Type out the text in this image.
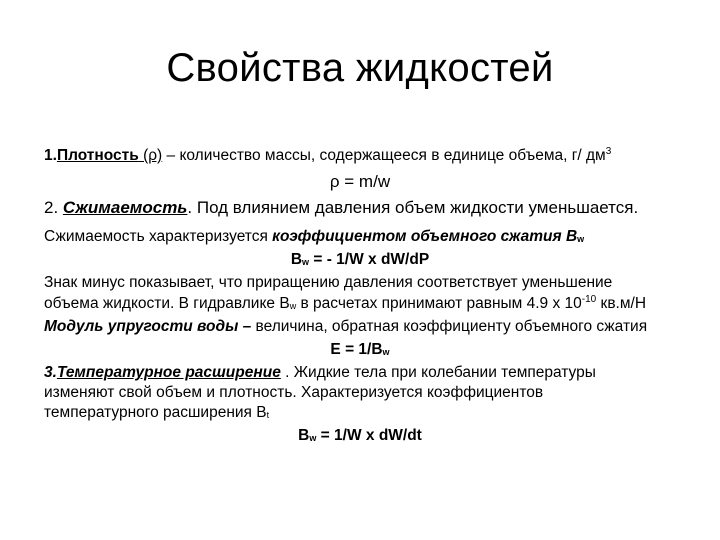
Свойства жидкостей
1.Плотность (ρ) – количество массы, содержащееся в единице объема, г/ $дм^3$
ρ = m/w
2. Сжимаемость. Под влиянием давления объем жидкости уменьшается.
Сжимаемость характеризуется коэффициентом объемного сжатия $В_w$
$В_w$ = - 1/W х dW/dP
Знак минус показывает, что приращению давления соответствует уменьшение
объема жидкости. В гидравлике $В_w$ в расчетах принимают равным 4.9 х $10^{-10}$ кв.м/Н
Модуль упругости воды – величина, обратная коэффициенту объемного сжатия
$Е = 1/В_w$
3.Температурное расширение . Жидкие тела при колебании температуры
изменяют свой объем и плотность. Характеризуется коэффициентов
температурного расширения $В_t$
$В_w = 1/W$ х dW/dt
